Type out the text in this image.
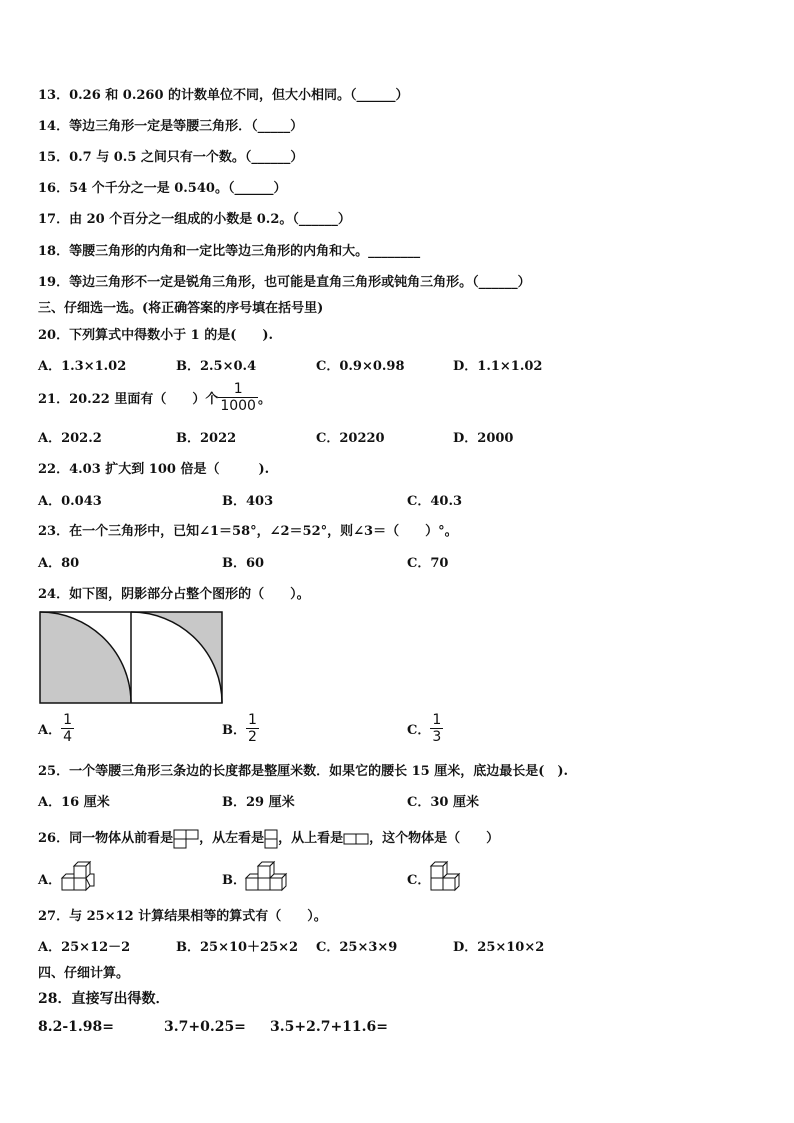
13．0.26 和 0.260 的计数单位不同，但大小相同。（______）
14．等边三角形一定是等腰三角形．（_____）
15．0.7 与 0.5 之间只有一个数。（______）
16．54 个千分之一是 0.540。（______）
17．由 20 个百分之一组成的小数是 0.2。（______）
18．等腰三角形的内角和一定比等边三角形的内角和大。________
19．等边三角形不一定是锐角三角形，也可能是直角三角形或钝角三角形。（______）
三、仔细选一选。(将正确答案的序号填在括号里)
20．下列算式中得数小于 1 的是(　　).
A．1.3×1.02	B．2.5×0.4	C．0.9×0.98	D．1.1×1.02
21．20.22 里面有（　　）个 $\frac{1}{1000}$ 。
A．202.2	B．2022	C．20220	D．2000
22．4.03 扩大到 100 倍是（　　　).
A．0.043	B．403	C．40.3
23．在一个三角形中，已知∠1＝58°，∠2＝52°，则∠3＝（　　）°。
A．80	B．60	C．70
24．如下图，阴影部分占整个图形的（　　）。
A． $\frac{1}{4}$	B． $\frac{1}{2}$	C． $\frac{1}{3}$
25．一个等腰三角形三条边的长度都是整厘米数．如果它的腰长 15 厘米，底边最长是(　).
A．16 厘米	B．29 厘米	C．30 厘米
26．同一物体从前看是 ，从左看是 ，从上看是 ，这个物体是（　　）
A．	B．	C．
27．与 25×12 计算结果相等的算式有（　　）。
A．25×12－2	B．25×10＋25×2 C．25×3×9	D．25×10×2
四、仔细计算。
28．直接写出得数．
8.2-1.98=	3.7+0.25= 3.5+2.7+11.6=
